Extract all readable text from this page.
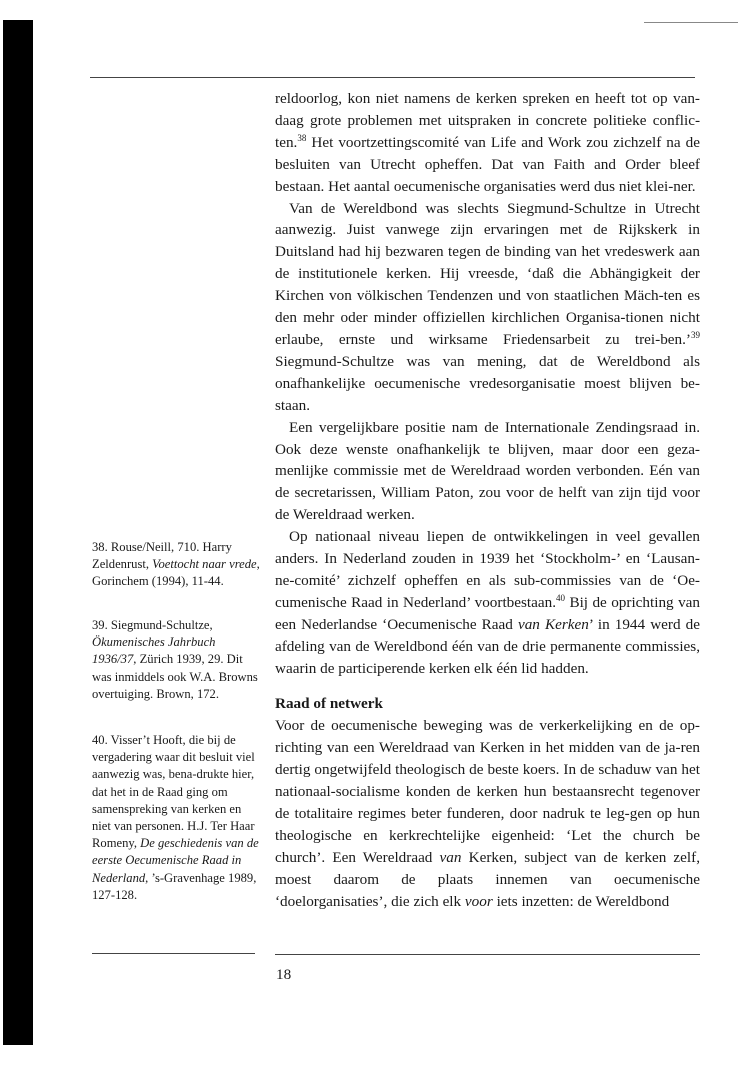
reldoorlog, kon niet namens de kerken spreken en heeft tot op van-daag grote problemen met uitspraken in concrete politieke conflic-ten.$^{38}$ Het voortzettingscomité van Life and Work zou zichzelf na de besluiten van Utrecht opheffen. Dat van Faith and Order bleef bestaan. Het aantal oecumenische organisaties werd dus niet klei-ner.

Van de Wereldbond was slechts Siegmund-Schultze in Utrecht aanwezig. Juist vanwege zijn ervaringen met de Rijkskerk in Duitsland had hij bezwaren tegen de binding van het vredeswerk aan de institutionele kerken. Hij vreesde, ‘daß die Abhängigkeit der Kirchen von völkischen Tendenzen und von staatlichen Mäch-ten es den mehr oder minder offiziellen kirchlichen Organisa-tionen nicht erlaube, ernste und wirksame Friedensarbeit zu trei-ben.’$^{39}$ Siegmund-Schultze was van mening, dat de Wereldbond als onafhankelijke oecumenische vredesorganisatie moest blijven be-staan.

Een vergelijkbare positie nam de Internationale Zendingsraad in. Ook deze wenste onafhankelijk te blijven, maar door een geza-menlijke commissie met de Wereldraad worden verbonden. Eén van de secretarissen, William Paton, zou voor de helft van zijn tijd voor de Wereldraad werken.

Op nationaal niveau liepen de ontwikkelingen in veel gevallen anders. In Nederland zouden in 1939 het ‘Stockholm-’ en ‘Lausan-ne-comité’ zichzelf opheffen en als sub-commissies van de ‘Oe-cumenische Raad in Nederland’ voortbestaan.$^{40}$ Bij de oprichting van een Nederlandse ‘Oecumenische Raad van Kerken’ in 1944 werd de afdeling van de Wereldbond één van de drie permanente commissies, waarin de participerende kerken elk één lid hadden.

Raad of netwerk

Voor de oecumenische beweging was de verkerkelijking en de op-richting van een Wereldraad van Kerken in het midden van de ja-ren dertig ongetwijfeld theologisch de beste koers. In de schaduw van het nationaal-socialisme konden de kerken hun bestaansrecht tegenover de totalitaire regimes beter funderen, door nadruk te leg-gen op hun theologische en kerkrechtelijke eigenheid: ‘Let the church be church’. Een Wereldraad van Kerken, subject van de kerken zelf, moest daarom de plaats innemen van oecumenische ‘doelorganisaties’, die zich elk voor iets inzetten: de Wereldbond

38. Rouse/Neill, 710. Harry Zeldenrust, Voettocht naar vrede, Gorinchem (1994), 11-44.

39. Siegmund-Schultze, Ökumenisches Jahrbuch 1936/37, Zürich 1939, 29. Dit was inmiddels ook W.A. Browns overtuiging. Brown, 172.

40. Visser’t Hooft, die bij de vergadering waar dit besluit viel aanwezig was, bena-drukte hier, dat het in de Raad ging om samenspreking van kerken en niet van personen. H.J. Ter Haar Romeny, De geschiedenis van de eerste Oecumenische Raad in Nederland, ’s-Gravenhage 1989, 127-128.

18
